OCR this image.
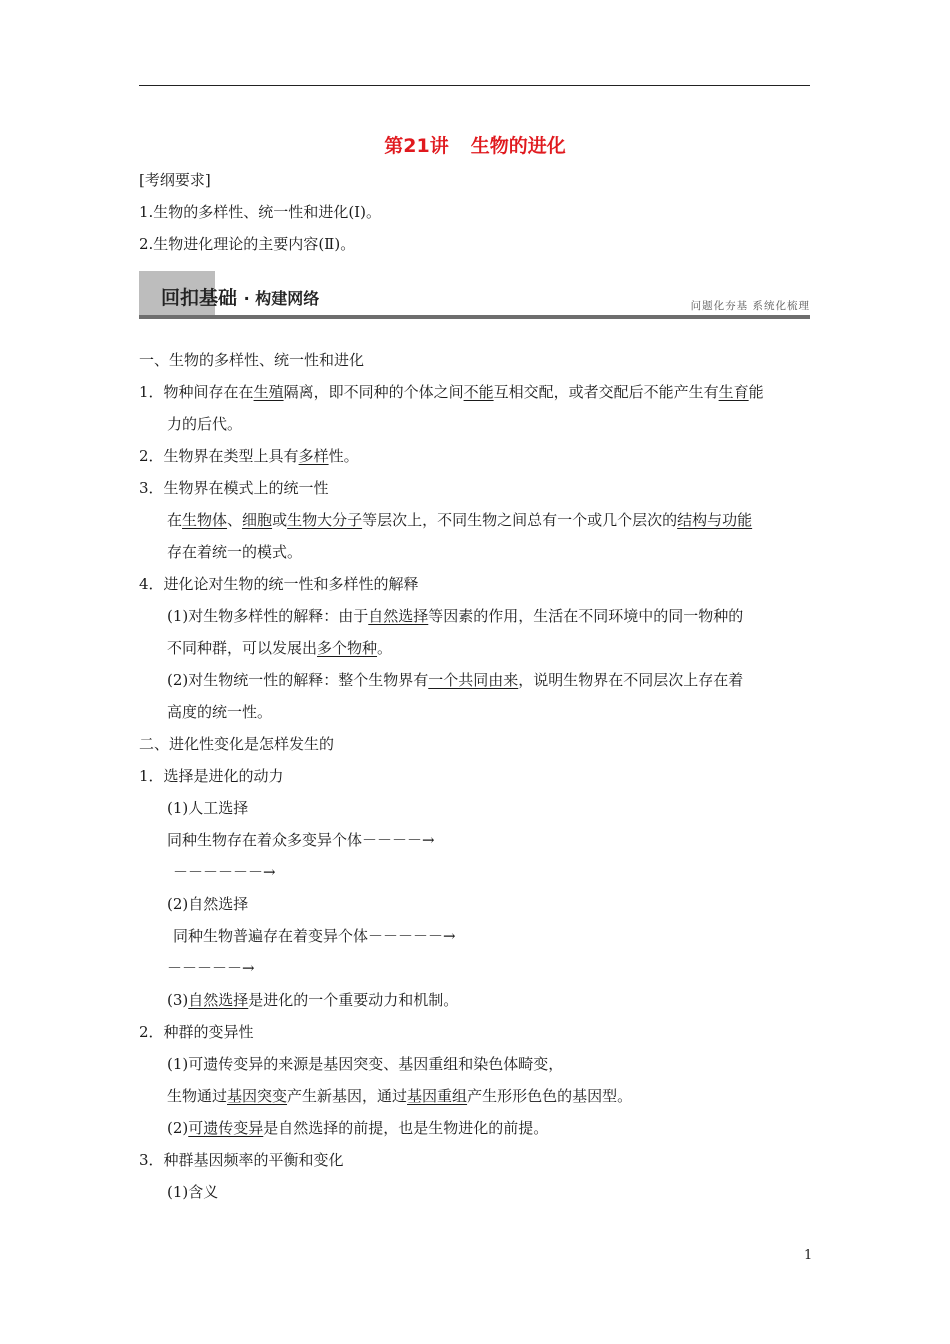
第21讲 生物的进化
[考纲要求]
1.生物的多样性、统一性和进化(Ⅰ)。
2.生物进化理论的主要内容(Ⅱ)。
回扣基础 · 构建网络	问题化夯基 系统化梳理
一、生物的多样性、统一性和进化
1．物种间存在在生殖隔离，即不同种的个体之间不能互相交配，或者交配后不能产生有生育能
力的后代。
2．生物界在类型上具有多样性。
3．生物界在模式上的统一性
在生物体、细胞或生物大分子等层次上，不同生物之间总有一个或几个层次的结构与功能
存在着统一的模式。
4．进化论对生物的统一性和多样性的解释
(1)对生物多样性的解释：由于自然选择等因素的作用，生活在不同环境中的同一物种的
不同种群，可以发展出多个物种。
(2)对生物统一性的解释：整个生物界有一个共同由来，说明生物界在不同层次上存在着
高度的统一性。
二、进化性变化是怎样发生的
1．选择是进化的动力
(1)人工选择
同种生物存在着众多变异个体－－－－→
－－－－－－→
(2)自然选择
同种生物普遍存在着变异个体－－－－－→
－－－－－→
(3)自然选择是进化的一个重要动力和机制。
2．种群的变异性
(1)可遗传变异的来源是基因突变、基因重组和染色体畸变，
生物通过基因突变产生新基因，通过基因重组产生形形色色的基因型。
(2)可遗传变异是自然选择的前提，也是生物进化的前提。
3．种群基因频率的平衡和变化
(1)含义
1
